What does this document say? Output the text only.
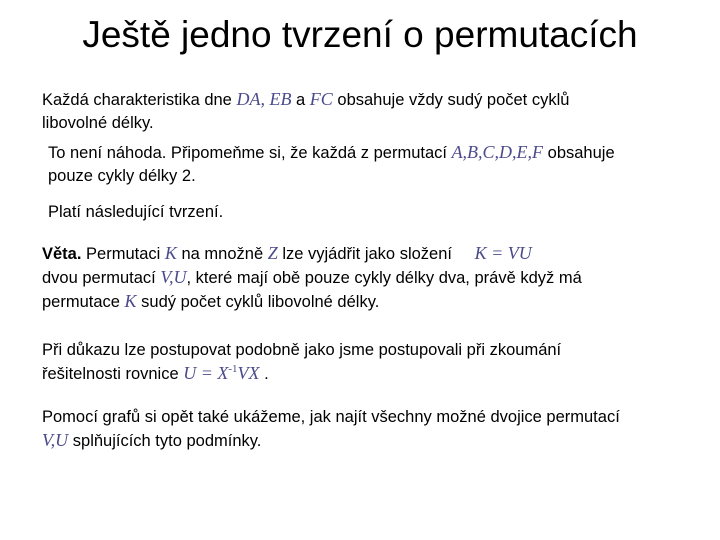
Ještě jedno tvrzení o permutacích
Každá charakteristika dne DA, EB a FC obsahuje vždy sudý počet cyklů
libovolné délky.
To není náhoda. Připomeňme si, že každá z permutací A,B,C,D,E,F obsahuje
pouze cykly délky 2.
Platí následující tvrzení.
Věta. Permutaci K na množně Z lze vyjádřit jako složení K = VU
dvou permutací V,U, které mají obě pouze cykly délky dva, právě když má
permutace K sudý počet cyklů libovolné délky.
Při důkazu lze postupovat podobně jako jsme postupovali při zkoumání
řešitelnosti rovnice $U = X^{-1}VX$ .
Pomocí grafů si opět také ukážeme, jak najít všechny možné dvojice permutací
V,U splňujících tyto podmínky.
